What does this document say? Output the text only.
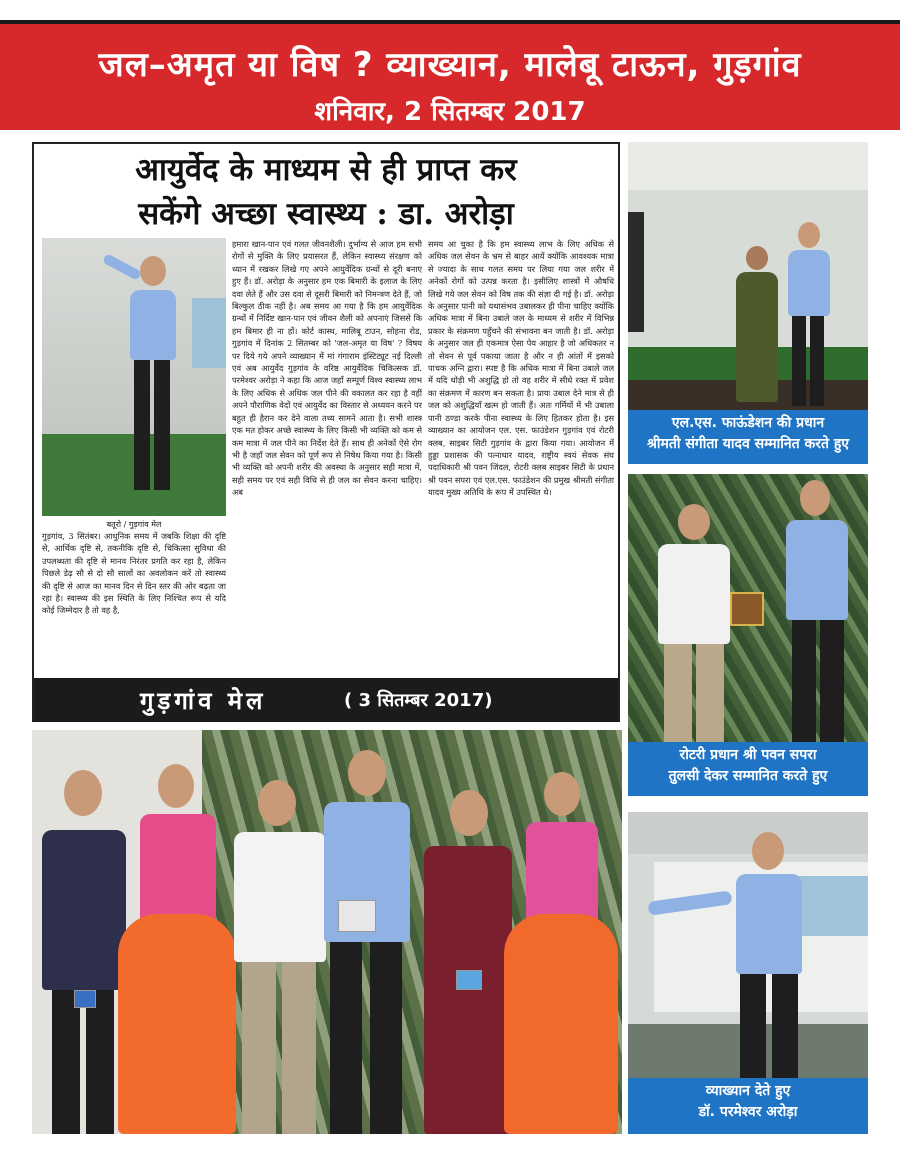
जल–अमृत या विष ? व्याख्यान, मालेबू टाऊन, गुड़गांव
शनिवार, 2 सितम्बर 2017
आयुर्वेद के माध्यम से ही प्राप्त कर
सकेंगे अच्छा स्वास्थ्य : डा. अरोड़ा
बतूरो / गुड़गांव मेल
गुड़गांव, 3 सितंबर। आधुनिक समय में जबकि शिक्षा की दृष्टि से, आर्थिक दृष्टि से, तकनीकि दृष्टि से, चिकित्सा सुविधा की उपलब्धता की दृष्टि से मानव निरंतर प्रगति कर रहा है, लेकिन पिछले डेढ़ सौ से दो सौ सालों का अवलोकन करें तो स्वास्थ्य की दृष्टि से आज का मानव दिन से दिन स्तर की ओर बढ़ता जा रहा है। स्वास्थ्य की इस स्थिति के लिए निश्चित रूप से यदि कोई जिम्मेदार है तो वह है,
हमारा खान-पान एवं गलत जीवनशैली। दुर्भाग्य से आज हम सभी रोगों से मुक्ति के लिए प्रयासरत हैं, लेकिन स्वास्थ्य संरक्षण को ध्यान में रखकर लिखे गए अपने आयुर्वेदिक ग्रन्थों से दूरी बनाए हुए हैं। डॉ. अरोड़ा के अनुसार हम एक बिमारी के इलाज के लिए दवा लेते हैं और उस दवा से दूसरी बिमारी को निमन्त्रण देते हैं, जो बिल्कुल ठीक नहीं है। अब समय आ गया है कि हम आयुर्वेदिक ग्रन्थों में निर्दिष्ट खान-पान एवं जीवन शैली को अपनाएं जिससे कि हम बिमार ही ना हों। कोर्ट कास्थ, मालिबू टाउन, सोहना रोड, गुड़गांव में दिनांक 2 सितम्बर को 'जल-अमृत या विष' ? विषय पर दिये गये अपने व्याख्यान में मां गंगाराम इंस्टिट्यूट नई दिल्ली एवं अब आयुर्वेद गुड़गांव के वरिष्ठ आयुर्वेदिक चिकित्सक डॉ. परमेश्वर अरोड़ा ने कहा कि आज जहाँ सम्पूर्ण विश्व स्वास्थ्य लाभ के लिए अधिक से अधिक जल पीने की वकालत कर रहा है वहीं अपने पौराणिक वेदों एवं आयुर्वेद का विस्तार से अध्ययन करने पर बहुत ही हैरान कर देने वाला तथ्य सामने आता है। सभी शास्त्र एक मत होकर अच्छे स्वास्थ्य के लिए किसी भी व्यक्ति को कम से कम मात्रा में जल पीने का निर्देश देते हैं। साथ ही अनेकों ऐसे रोग भी है जहाँ जल सेवन को पूर्ण रूप से निषेध किया गया है। किसी भी व्यक्ति को अपनी शरीर की अवस्था के अनुसार सही मात्रा में, सही समय पर एवं सही विधि से ही जल का सेवन करना चाहिए। अब
समय आ चुका है कि हम स्वास्थ्य लाभ के लिए अधिक से अधिक जल सेवन के भ्रम से बाहर आयें क्योंकि आवश्यक मात्रा से ज्यादा के साथ गलत समय पर लिया गया जल शरीर में अनेकों रोगों को उत्पन्न करता है। इसीलिए शास्त्रों में औषधि लिखे गये जल सेवन को विष तक की संज्ञा दी गई है। डॉ. अरोड़ा के अनुसार पानी को यथासंभव उबालकर ही पीना चाहिए क्योंकि अधिक मात्रा में बिना उबाले जल के माध्यम से शरीर में विभिन्न प्रकार के संक्रमण पहुँचने की संभावना बन जाती है। डॉ. अरोड़ा के अनुसार जल ही एकमात्र ऐसा पेय आहार है जो अधिकतर न तो सेवन से पूर्व पकाया जाता है और न ही आंतों में इसको पाचक अग्नि द्वारा। स्पष्ट है कि अधिक मात्रा में बिना उबाले जल में यदि थोड़ी भी अशुद्धि हो तो वह शरीर में सीधे रक्त में प्रवेश का संक्रमण में कारण बन सकता है। प्रायः उबाल देने मात्र से ही जल को अशुद्धियाँ खत्म हो जाती हैं। अतः गर्मियों में भी उबाला पानी ठण्डा करके पीना स्वास्थ्य के लिए हितकर होता है। इस व्याख्यान का आयोजन एल. एस. फाउंडेशन गुड़गांव एवं रोटरी क्लब, साइबर सिटी गुड़गांव के द्वारा किया गया। आयोजन में हुड्डा प्रशासक की पत्नाधार यादव, राष्ट्रीय स्वयं सेवक संघ पदाधिकारी श्री पवन जिंदल, रोटरी क्लब साइबर सिटी के प्रधान श्री पवन सपरा एवं एल.एस. फाउंडेशन की प्रमुख श्रीमती संगीता यादव मुख्य अतिथि के रूप में उपस्थित थे।
गुड़गांव मेल	( 3 सितम्बर 2017)
एल.एस. फाऊंडेशन की प्रधान
श्रीमती संगीता यादव सम्मानित करते हुए
रोटरी प्रधान श्री पवन सपरा
तुलसी देकर सम्मानित करते हुए
व्याख्यान देते हुए
डॉ. परमेश्वर अरोड़ा
